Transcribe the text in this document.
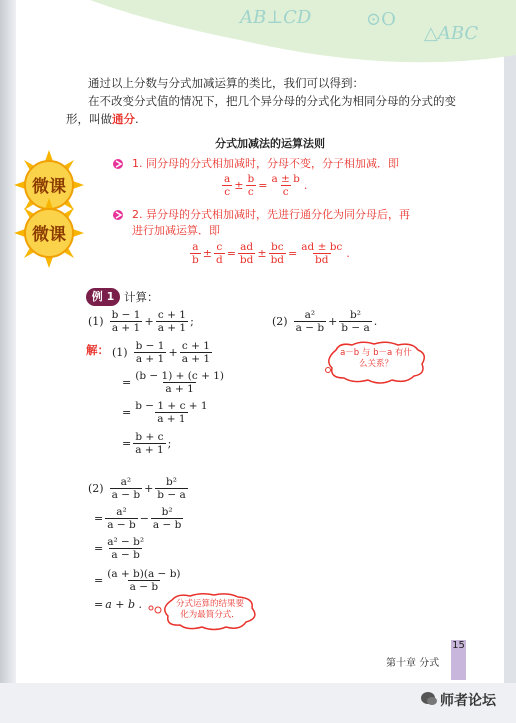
AB⊥CD	⊙O
△ABC
通过以上分数与分式加减运算的类比，我们可以得到：
在不改变分式值的情况下，把几个异分母的分式化为相同分母的分式的变
形，叫做通分.
分式加减法的运算法则
1. 同分母的分式相加减时，分母不变，分子相加减．即
$\frac{a}{c} \pm \frac{b}{c} = \frac{a \pm b}{c}$ .
2. 异分母的分式相加减时，先进行通分化为同分母后，再
进行加减运算．即
$\frac{a}{b} \pm \frac{c}{d} = \frac{ad}{bd} \pm \frac{bc}{bd} = \frac{ad \pm bc}{bd}$ .
微课
微课
例 1 计算：
$(1) \frac{b - 1}{a + 1} + \frac{c + 1}{a + 1}$ ;	$(2) \frac{\text{a²}}{a - b} + \frac{\text{b²}}{b - a}$ .
a－b 与 b－a 有什么关系？
解： $(1) \frac{b - 1}{a + 1} + \frac{c + 1}{a + 1}$
= $\frac{(b - 1) + (c + 1)}{a + 1}$
= $\frac{b - 1 + c + 1}{a + 1}$
= $\frac{b + c}{a + 1}$ ;
$(2) \frac{\text{a²}}{a - b} + \frac{\text{b²}}{b - a}$
= $\frac{\text{a²}}{a - b} - \frac{\text{b²}}{a - b}$
= $\frac{\text{a² − b²}}{a - b}$
= $\frac{(a + b)(a - b)}{a - b}$
= a + b .	分式运算的结果要化为最简分式．
第十章 分式
15
师者论坛
